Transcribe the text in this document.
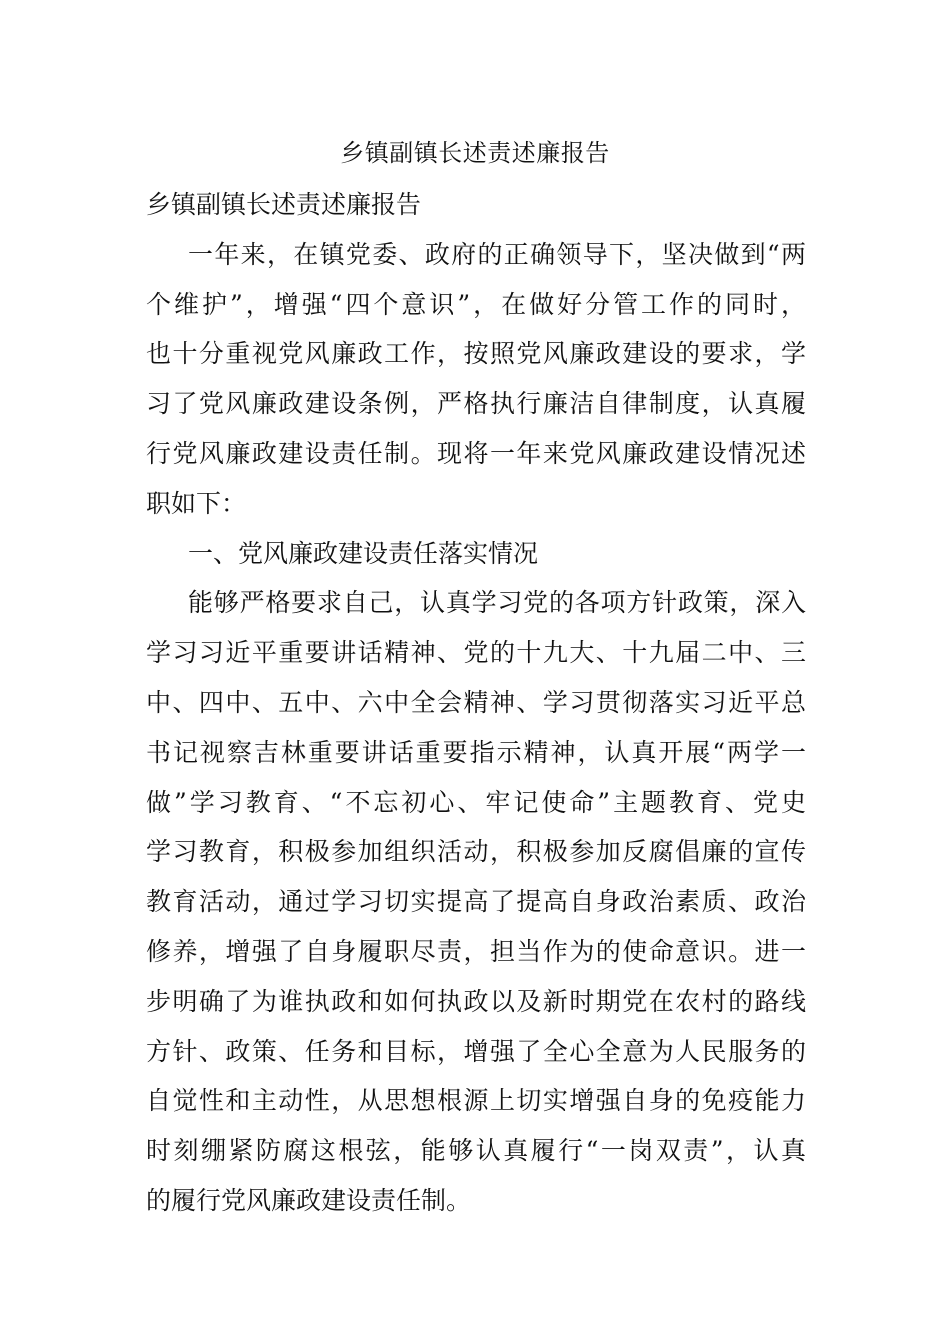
乡镇副镇长述责述廉报告
乡镇副镇长述责述廉报告
一年来，在镇党委、政府的正确领导下，坚决做到“两
个维护”，增强“四个意识”，在做好分管工作的同时，
也十分重视党风廉政工作，按照党风廉政建设的要求，学
习了党风廉政建设条例，严格执行廉洁自律制度，认真履
行党风廉政建设责任制。现将一年来党风廉政建设情况述
职如下：
一、党风廉政建设责任落实情况
能够严格要求自己，认真学习党的各项方针政策，深入
学习习近平重要讲话精神、党的十九大、十九届二中、三
中、四中、五中、六中全会精神、学习贯彻落实习近平总
书记视察吉林重要讲话重要指示精神，认真开展“两学一
做”学习教育、“不忘初心、牢记使命”主题教育、党史
学习教育，积极参加组织活动，积极参加反腐倡廉的宣传
教育活动，通过学习切实提高了提高自身政治素质、政治
修养，增强了自身履职尽责，担当作为的使命意识。进一
步明确了为谁执政和如何执政以及新时期党在农村的路线
方针、政策、任务和目标，增强了全心全意为人民服务的
自觉性和主动性，从思想根源上切实增强自身的免疫能力
时刻绷紧防腐这根弦，能够认真履行“一岗双责”，认真
的履行党风廉政建设责任制。
